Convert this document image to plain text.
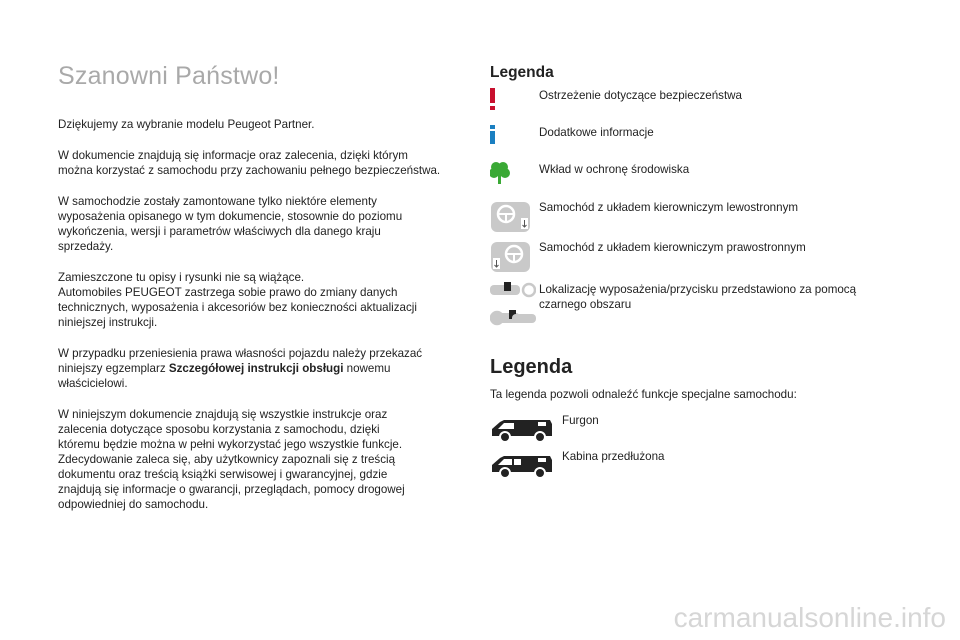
Szanowni Państwo!

Dziękujemy za wybranie modelu Peugeot Partner.

W dokumencie znajdują się informacje oraz zalecenia, dzięki którym
można korzystać z samochodu przy zachowaniu pełnego bezpieczeństwa.

W samochodzie zostały zamontowane tylko niektóre elementy
wyposażenia opisanego w tym dokumencie, stosownie do poziomu
wykończenia, wersji i parametrów właściwych dla danego kraju
sprzedaży.

Zamieszczone tu opisy i rysunki nie są wiążące.
Automobiles PEUGEOT zastrzega sobie prawo do zmiany danych
technicznych, wyposażenia i akcesoriów bez konieczności aktualizacji
niniejszej instrukcji.

W przypadku przeniesienia prawa własności pojazdu należy przekazać
niniejszy egzemplarz Szczegółowej instrukcji obsługi nowemu
właścicielowi.

W niniejszym dokumencie znajdują się wszystkie instrukcje oraz
zalecenia dotyczące sposobu korzystania z samochodu, dzięki
któremu będzie można w pełni wykorzystać jego wszystkie funkcje.
Zdecydowanie zaleca się, aby użytkownicy zapoznali się z treścią
dokumentu oraz treścią książki serwisowej i gwarancyjnej, gdzie
znajdują się informacje o gwarancji, przeglądach, pomocy drogowej
odpowiedniej do samochodu.

Legenda
Ostrzeżenie dotyczące bezpieczeństwa
Dodatkowe informacje
Wkład w ochronę środowiska
Samochód z układem kierowniczym lewostronnym
Samochód z układem kierowniczym prawostronnym
Lokalizację wyposażenia/przycisku przedstawiono za pomocą
czarnego obszaru
Legenda
Ta legenda pozwoli odnaleźć funkcje specjalne samochodu:
Furgon
Kabina przedłużona
carmanualsonline.info
